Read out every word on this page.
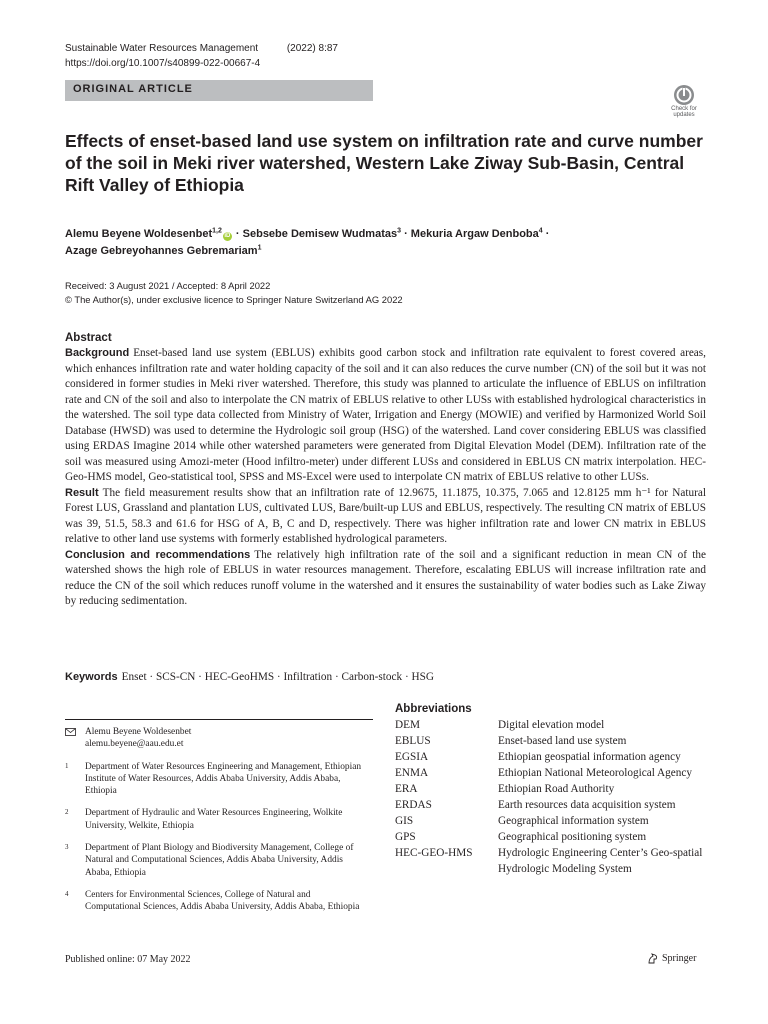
Sustainable Water Resources Management	(2022) 8:87
https://doi.org/10.1007/s40899-022-00667-4
ORIGINAL ARTICLE
Check for
updates
Effects of enset-based land use system on infiltration rate and curve number of the soil in Meki river watershed, Western Lake Ziway Sub-Basin, Central Rift Valley of Ethiopia
Alemu Beyene Woldesenbet$^{1,2}$iD · Sebsebe Demisew Wudmatas$^3$ · Mekuria Argaw Denboba$^4$ ·
Azage Gebreyohannes Gebremariam$^1$
Received: 3 August 2021 / Accepted: 8 April 2022
© The Author(s), under exclusive licence to Springer Nature Switzerland AG 2022
Abstract

Background Enset-based land use system (EBLUS) exhibits good carbon stock and infiltration rate equivalent to forest covered areas, which enhances infiltration rate and water holding capacity of the soil and it can also reduces the curve number (CN) of the soil but it was not considered in former studies in Meki river watershed. Therefore, this study was planned to articulate the influence of EBLUS on infiltration rate and CN of the soil and also to interpolate the CN matrix of EBLUS relative to other LUSs with established hydrological characteristics in the watershed. The soil type data collected from Ministry of Water, Irrigation and Energy (MOWIE) and verified by Harmonized World Soil Database (HWSD) was used to determine the Hydrologic soil group (HSG) of the watershed. Land cover considering EBLUS was classified using ERDAS Imagine 2014 while other watershed parameters were generated from Digital Elevation Model (DEM). Infiltration rate of the soil was measured using Amozi-meter (Hood infiltro-meter) under different LUSs and considered in EBLUS CN matrix interpolation. HEC-Geo-HMS model, Geo-statistical tool, SPSS and MS-Excel were used to interpolate CN matrix of EBLUS relative to other LUSs.

Result The field measurement results show that an infiltration rate of 12.9675, 11.1875, 10.375, 7.065 and 12.8125 mm h⁻¹ for Natural Forest LUS, Grassland and plantation LUS, cultivated LUS, Bare/built-up LUS and EBLUS, respectively. The resulting CN matrix of EBLUS was 39, 51.5, 58.3 and 61.6 for HSG of A, B, C and D, respectively. There was higher infiltration rate and lower CN matrix in EBLUS relative to other land use systems with formerly established hydrological parameters.

Conclusion and recommendations The relatively high infiltration rate of the soil and a significant reduction in mean CN of the watershed shows the high role of EBLUS in water resources management. Therefore, escalating EBLUS will increase infiltration rate and reduce the CN of the soil which reduces runoff volume in the watershed and it ensures the sustainability of water bodies such as Lake Ziway by reducing sedimentation.

Keywords Enset · SCS-CN · HEC-GeoHMS · Infiltration · Carbon-stock · HSG
Alemu Beyene Woldesenbet
alemu.beyene@aau.edu.et
1 Department of Water Resources Engineering and Management, Ethiopian Institute of Water Resources, Addis Ababa University, Addis Ababa, Ethiopia
2 Department of Hydraulic and Water Resources Engineering, Wolkite University, Welkite, Ethiopia
3 Department of Plant Biology and Biodiversity Management, College of Natural and Computational Sciences, Addis Ababa University, Addis Ababa, Ethiopia
4 Centers for Environmental Sciences, College of Natural and Computational Sciences, Addis Ababa University, Addis Ababa, Ethiopia
Abbreviations
DEM	Digital elevation model
EBLUS	Enset-based land use system
EGSIA	Ethiopian geospatial information agency
ENMA	Ethiopian National Meteorological Agency
ERA	Ethiopian Road Authority
ERDAS	Earth resources data acquisition system
GIS	Geographical information system
GPS	Geographical positioning system
HEC-GEO-HMS	Hydrologic Engineering Center’s Geo-spatial Hydrologic Modeling System
Published online: 07 May 2022	Springer
